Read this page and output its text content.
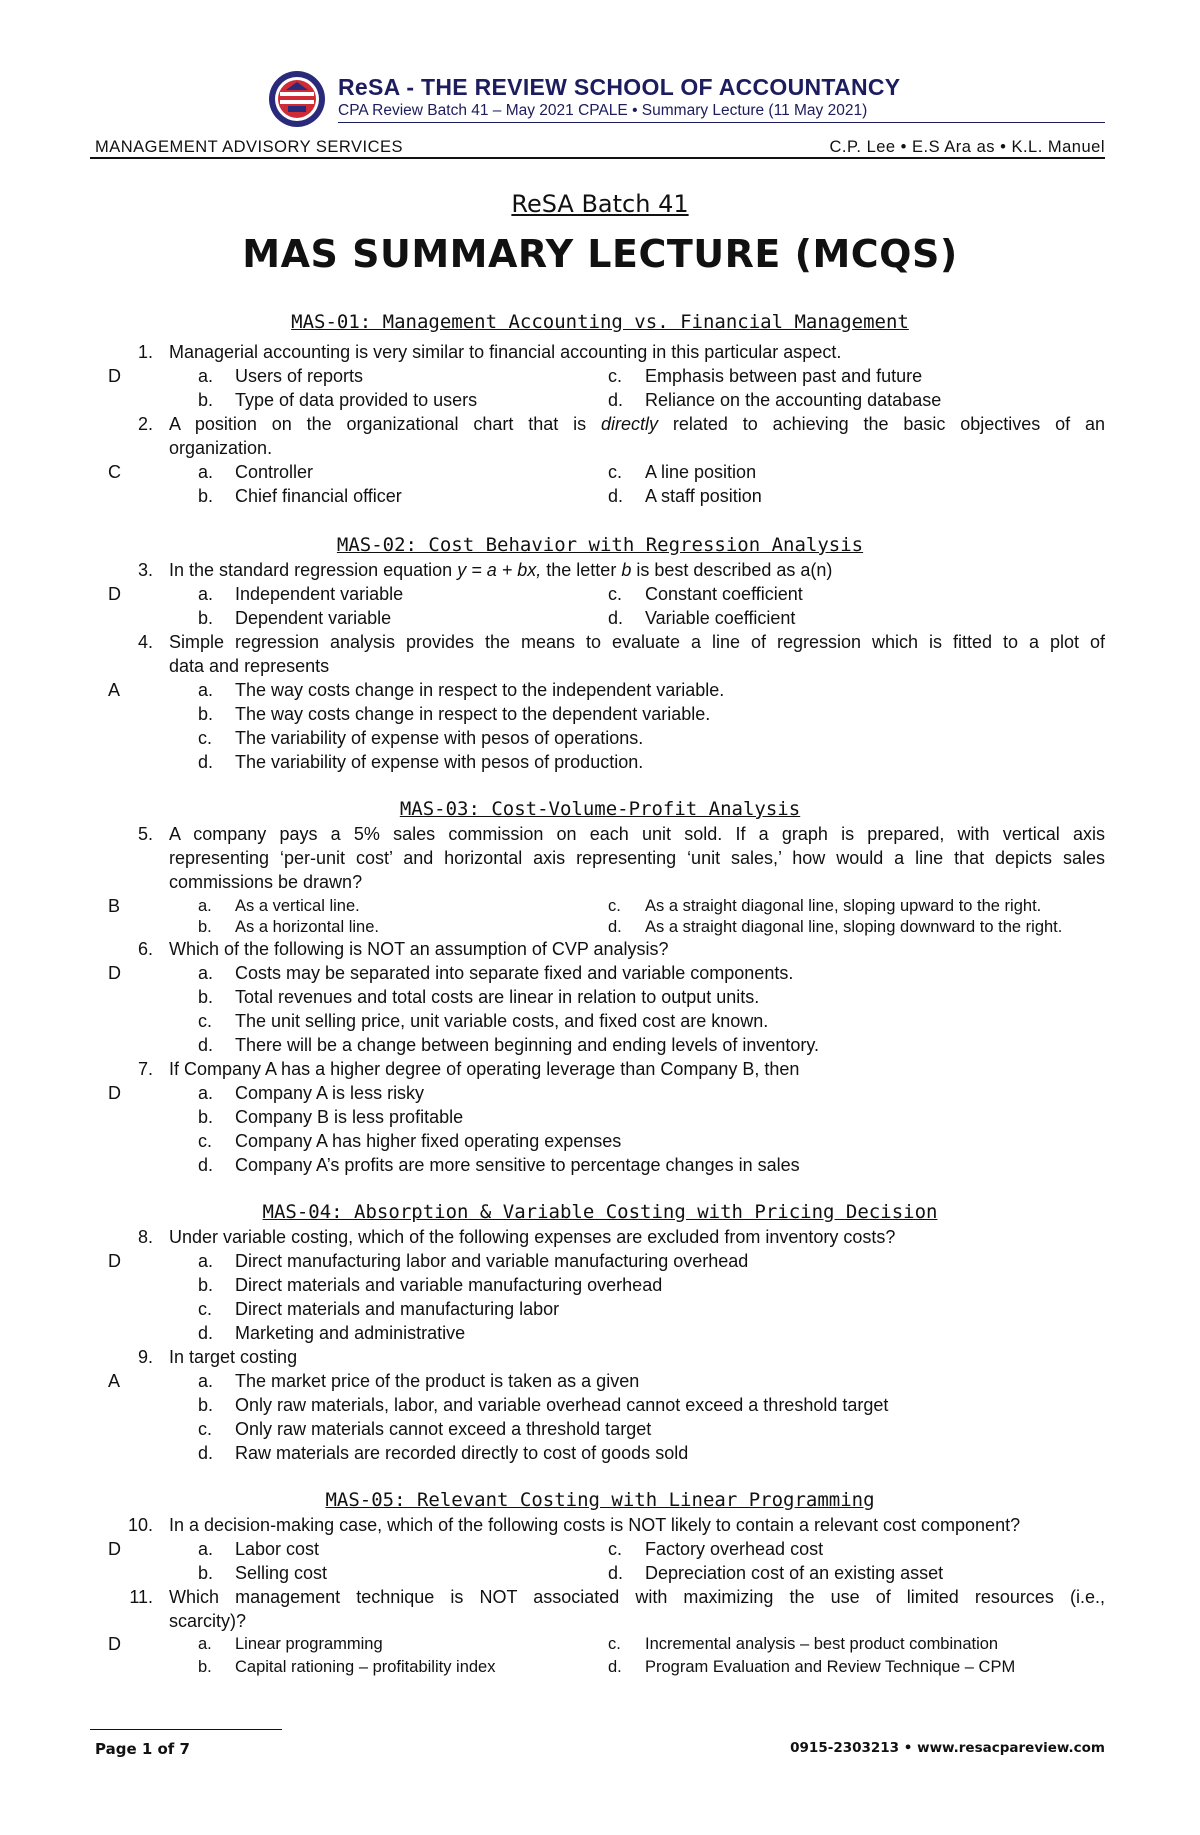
ReSA - THE REVIEW SCHOOL OF ACCOUNTANCY
CPA Review Batch 41 – May 2021 CPALE • Summary Lecture (11 May 2021)
MANAGEMENT ADVISORY SERVICES	C.P. Lee • E.S Ara as • K.L. Manuel
ReSA Batch 41
MAS SUMMARY LECTURE (MCQS)
MAS-01: Management Accounting vs. Financial Management
1. Managerial accounting is very similar to financial accounting in this particular aspect.
D	a. Users of reports	c. Emphasis between past and future
b. Type of data provided to users	d. Reliance on the accounting database
2. A position on the organizational chart that is directly related to achieving the basic objectives of an
organization.
C	a. Controller	c. A line position
b. Chief financial officer	d. A staff position
MAS-02: Cost Behavior with Regression Analysis
3. In the standard regression equation y = a + bx, the letter b is best described as a(n)
D	a. Independent variable	c. Constant coefficient
b. Dependent variable	d. Variable coefficient
4. Simple regression analysis provides the means to evaluate a line of regression which is fitted to a plot of
data and represents
A	a. The way costs change in respect to the independent variable.
b. The way costs change in respect to the dependent variable.
c. The variability of expense with pesos of operations.
d. The variability of expense with pesos of production.
MAS-03: Cost-Volume-Profit Analysis
5. A company pays a 5% sales commission on each unit sold. If a graph is prepared, with vertical axis
representing ‘per-unit cost’ and horizontal axis representing ‘unit sales,’ how would a line that depicts sales
commissions be drawn?
B	a. As a vertical line.	c. As a straight diagonal line, sloping upward to the right.
b. As a horizontal line.	d. As a straight diagonal line, sloping downward to the right.
6. Which of the following is NOT an assumption of CVP analysis?
D	a. Costs may be separated into separate fixed and variable components.
b. Total revenues and total costs are linear in relation to output units.
c. The unit selling price, unit variable costs, and fixed cost are known.
d. There will be a change between beginning and ending levels of inventory.
7. If Company A has a higher degree of operating leverage than Company B, then
D	a. Company A is less risky
b. Company B is less profitable
c. Company A has higher fixed operating expenses
d. Company A’s profits are more sensitive to percentage changes in sales
MAS-04: Absorption & Variable Costing with Pricing Decision
8. Under variable costing, which of the following expenses are excluded from inventory costs?
D	a. Direct manufacturing labor and variable manufacturing overhead
b. Direct materials and variable manufacturing overhead
c. Direct materials and manufacturing labor
d. Marketing and administrative
9. In target costing
A	a. The market price of the product is taken as a given
b. Only raw materials, labor, and variable overhead cannot exceed a threshold target
c. Only raw materials cannot exceed a threshold target
d. Raw materials are recorded directly to cost of goods sold
MAS-05: Relevant Costing with Linear Programming
10. In a decision-making case, which of the following costs is NOT likely to contain a relevant cost component?
D	a. Labor cost	c. Factory overhead cost
b. Selling cost	d. Depreciation cost of an existing asset
11. Which management technique is NOT associated with maximizing the use of limited resources (i.e.,
scarcity)?
D	a. Linear programming	c. Incremental analysis – best product combination
b. Capital rationing – profitability index	d. Program Evaluation and Review Technique – CPM
Page 1 of 7	0915-2303213 • www.resacpareview.com
